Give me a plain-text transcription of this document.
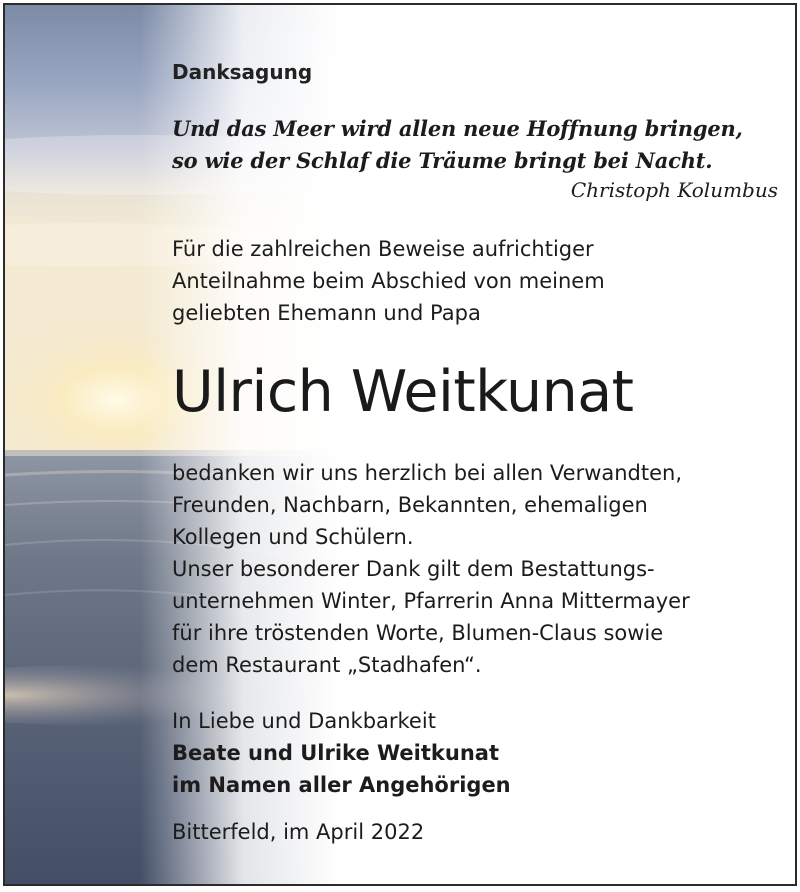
Danksagung
Und das Meer wird allen neue Hoffnung bringen,
so wie der Schlaf die Träume bringt bei Nacht.
Christoph Kolumbus
Für die zahlreichen Beweise aufrichtiger
Anteilnahme beim Abschied von meinem
geliebten Ehemann und Papa
Ulrich Weitkunat
bedanken wir uns herzlich bei allen Verwandten,
Freunden, Nachbarn, Bekannten, ehemaligen
Kollegen und Schülern.
Unser besonderer Dank gilt dem Bestattungs-
unternehmen Winter, Pfarrerin Anna Mittermayer
für ihre tröstenden Worte, Blumen-Claus sowie
dem Restaurant „Stadhafen“.
In Liebe und Dankbarkeit
Beate und Ulrike Weitkunat
im Namen aller Angehörigen
Bitterfeld, im April 2022
